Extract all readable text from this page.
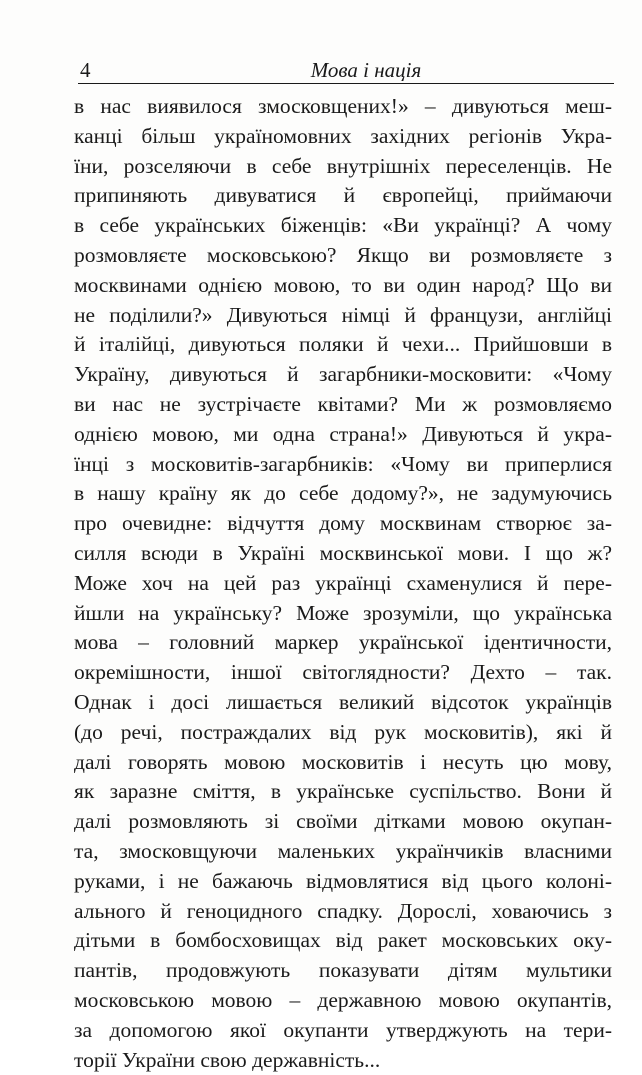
4	Мова і нація
в нас виявилося змосковщених!» – дивуються меш-
канці більш україномовних західних регіонів Укра-
їни, розселяючи в себе внутрішніх переселенців. Не
припиняють дивуватися й європейці, приймаючи
в себе українських біженців: «Ви українці? А чому
розмовляєте московською? Якщо ви розмовляєте з
москвинами однією мовою, то ви один народ? Що ви
не поділили?» Дивуються німці й французи, англійці
й італійці, дивуються поляки й чехи... Прийшовши в
Україну, дивуються й загарбники-московити: «Чому
ви нас не зустрічаєте квітами? Ми ж розмовляємо
однією мовою, ми одна страна!» Дивуються й укра-
їнці з московитів-загарбників: «Чому ви приперлися
в нашу країну як до себе додому?», не задумуючись
про очевидне: відчуття дому москвинам створює за-
силля всюди в Україні москвинської мови. І що ж?
Може хоч на цей раз українці схаменулися й пере-
йшли на українську? Може зрозуміли, що українська
мова – головний маркер української ідентичности,
окремішности, іншої світоглядности? Дехто – так.
Однак і досі лишається великий відсоток українців
(до речі, постраждалих від рук московитів), які й
далі говорять мовою московитів і несуть цю мову,
як заразне сміття, в українське суспільство. Вони й
далі розмовляють зі своїми дітками мовою окупан-
та, змосковщуючи маленьких українчиків власними
руками, і не бажаючь відмовлятися від цього колоні-
ального й геноцидного спадку. Дорослі, ховаючись з
дітьми в бомбосховищах від ракет московських оку-
пантів, продовжують показувати дітям мультики
московською мовою – державною мовою окупантів,
за допомогою якої окупанти утверджують на тери-
торії України свою державність...
